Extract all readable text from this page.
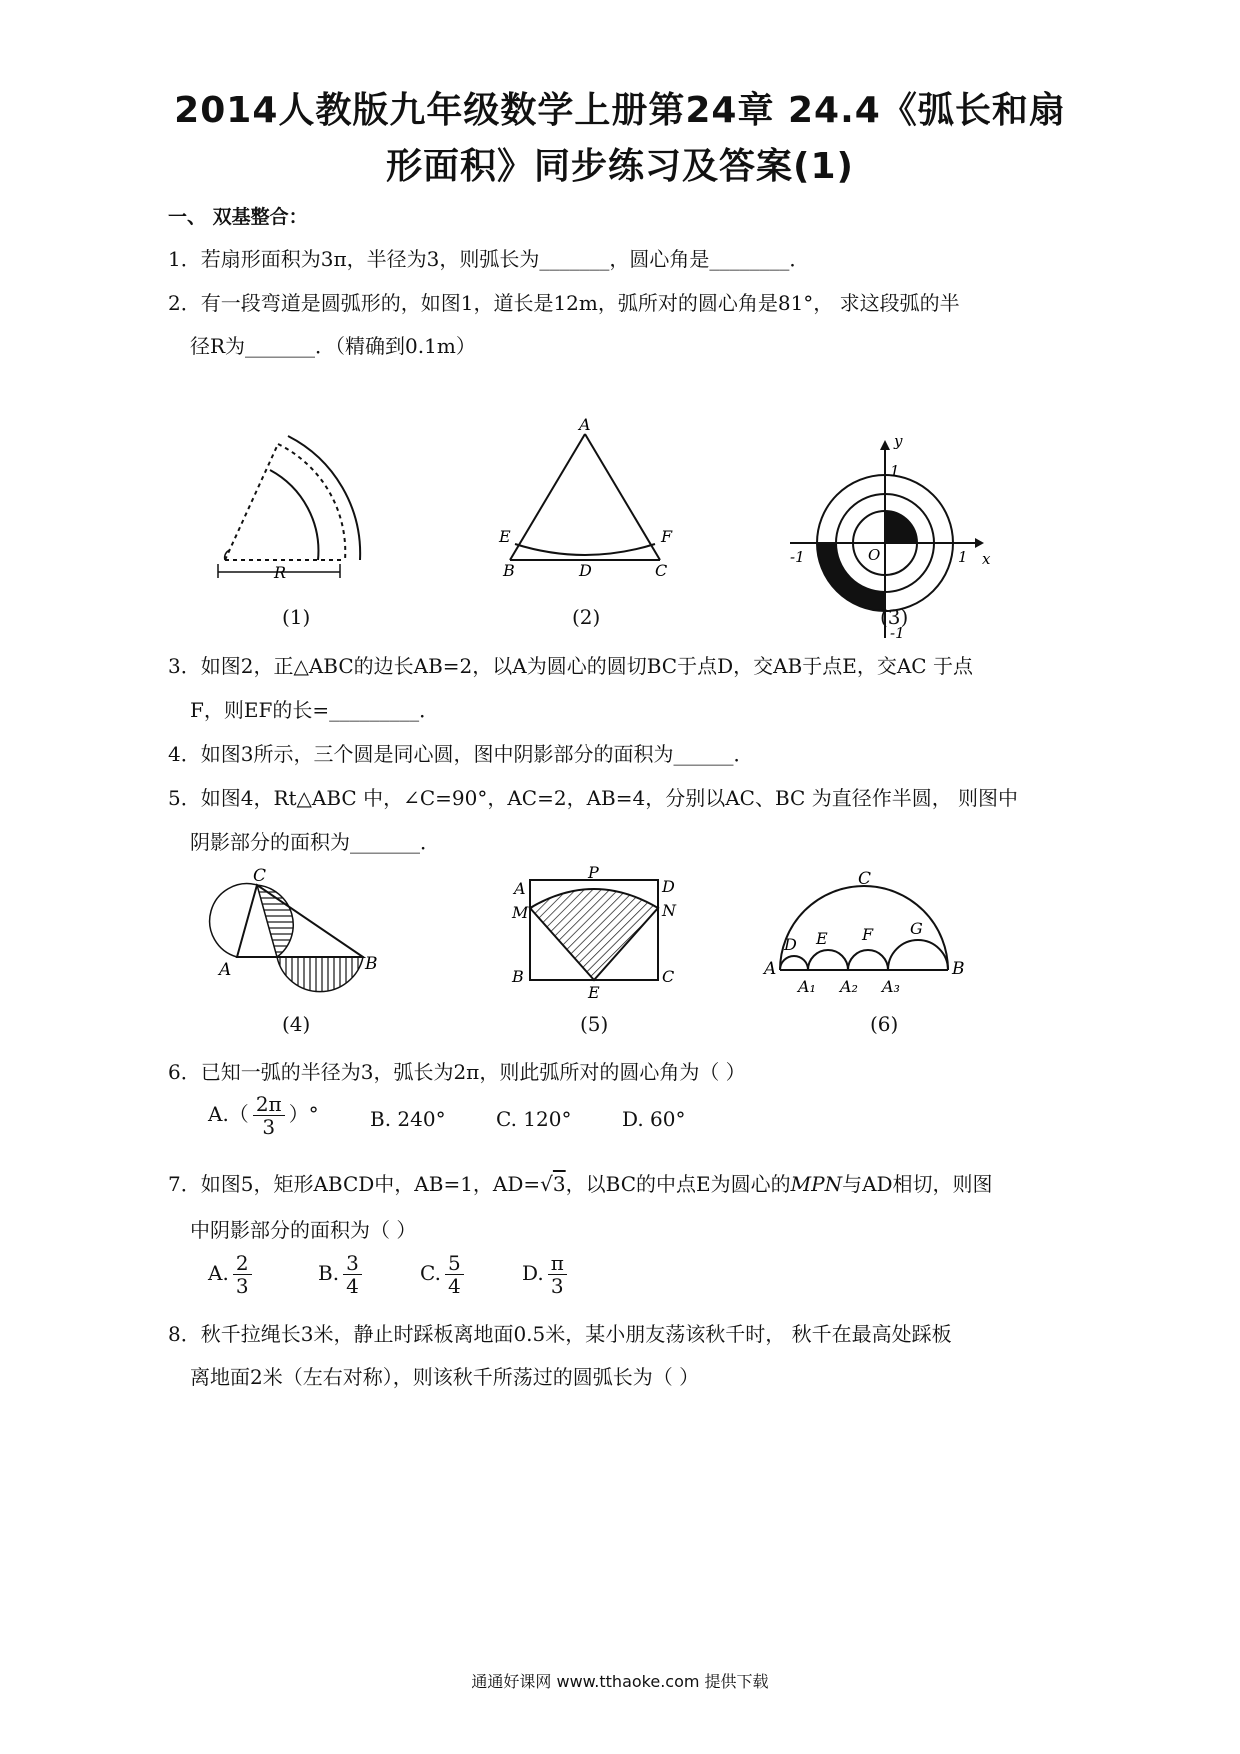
2014人教版九年级数学上册第24章 24.4《弧长和扇
形面积》同步练习及答案(1)
一、 双基整合：
1．若扇形面积为3π，半径为3，则弧长为_______，圆心角是________．
2．有一段弯道是圆弧形的，如图1，道长是12m，弧所对的圆心角是81°， 求这段弧的半
径R为_______．（精确到0.1m）
R
A
E	F
B	D	C
y
x
O
1
1
-1
-1
(1)	(2)	(3)
3．如图2，正△ABC的边长AB=2，以A为圆心的圆切BC于点D，交AB于点E，交AC 于点
F，则EF的长=_________．
4．如图3所示，三个圆是同心圆，图中阴影部分的面积为______．
5．如图4，Rt△ABC 中，∠C=90°，AC=2，AB=4，分别以AC、BC 为直径作半圆， 则图中
阴影部分的面积为_______．
C
A	B
P
A	D
M	N
B	C
E
C
D E F G
A	B
A₁ A₂ A₃
(4)	(5)	(6)
6．已知一弧的半径为3，弧长为2π，则此弧所对的圆心角为（ ）
$A.( \frac{2\pi}{3}$ ）°	B. 240°	C. 120°	D. 60°
7．如图5，矩形ABCD中，AB=1，AD=√3，以BC的中点E为圆心的MPN与AD相切，则图
中阴影部分的面积为（ ）
A. $\frac{2}{3}$	B. $\frac{3}{4}$	C. $\frac{5}{4}$	D. $\frac{\pi}{3}$
8．秋千拉绳长3米，静止时踩板离地面0.5米，某小朋友荡该秋千时， 秋千在最高处踩板
离地面2米（左右对称），则该秋千所荡过的圆弧长为（ ）
通通好课网 www.tthaoke.com 提供下载
